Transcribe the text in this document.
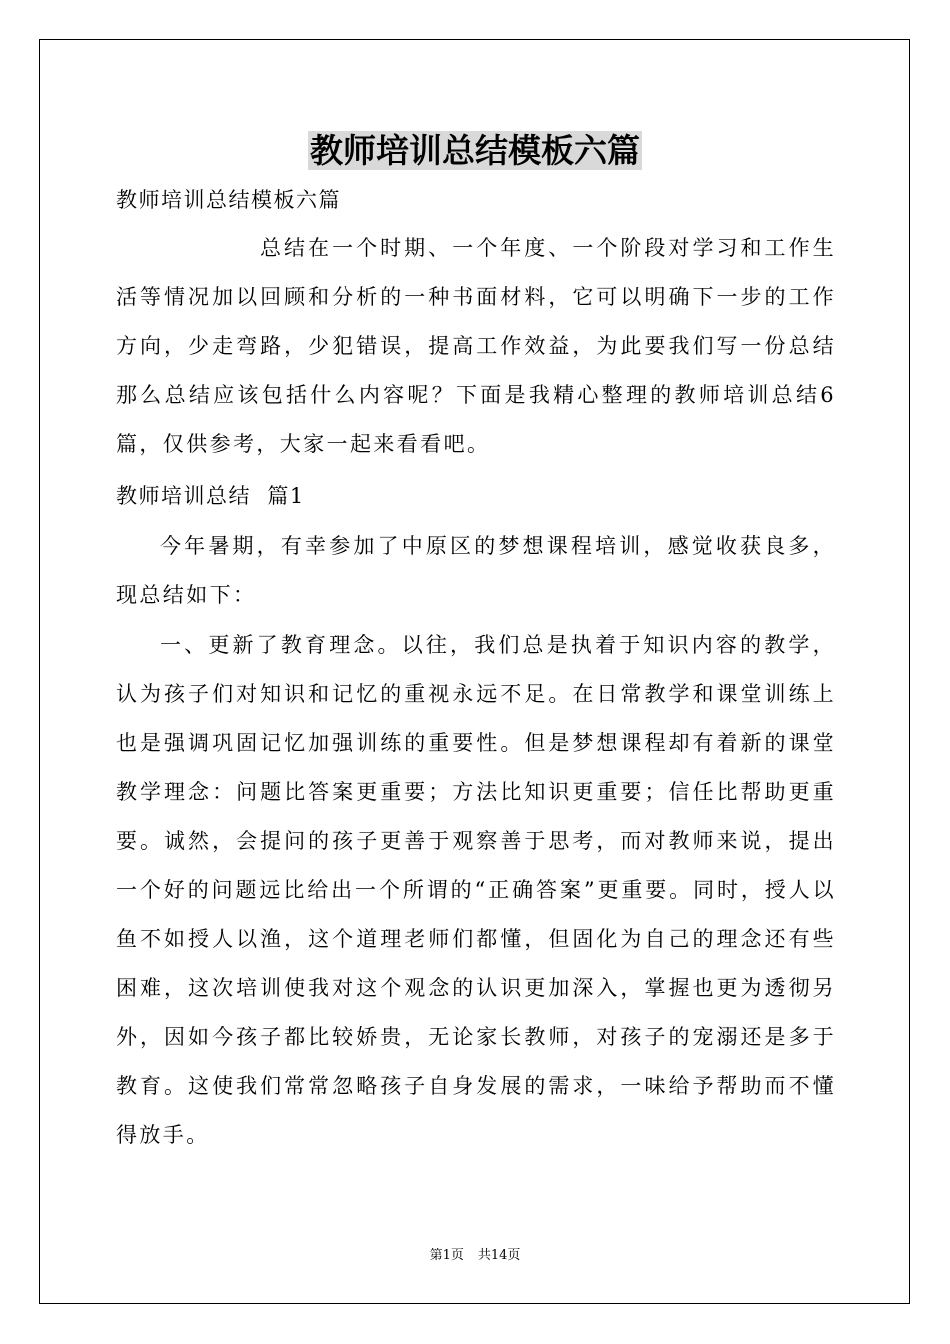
教师培训总结模板六篇

教师培训总结模板六篇

总结在一个时期、一个年度、一个阶段对学习和工作生活等情况加以回顾和分析的一种书面材料，它可以明确下一步的工作方向，少走弯路，少犯错误，提高工作效益，为此要我们写一份总结那么总结应该包括什么内容呢？下面是我精心整理的教师培训总结6篇，仅供参考，大家一起来看看吧。

教师培训总结  篇1

今年暑期，有幸参加了中原区的梦想课程培训，感觉收获良多，现总结如下：

一、更新了教育理念。以往，我们总是执着于知识内容的教学，认为孩子们对知识和记忆的重视永远不足。在日常教学和课堂训练上也是强调巩固记忆加强训练的重要性。但是梦想课程却有着新的课堂教学理念：问题比答案更重要；方法比知识更重要；信任比帮助更重要。诚然，会提问的孩子更善于观察善于思考，而对教师来说，提出一个好的问题远比给出一个所谓的“正确答案”更重要。同时，授人以鱼不如授人以渔，这个道理老师们都懂，但固化为自己的理念还有些困难，这次培训使我对这个观念的认识更加深入，掌握也更为透彻另外，因如今孩子都比较娇贵，无论家长教师，对孩子的宠溺还是多于教育。这使我们常常忽略孩子自身发展的需求，一味给予帮助而不懂得放手。

第1页 共14页
